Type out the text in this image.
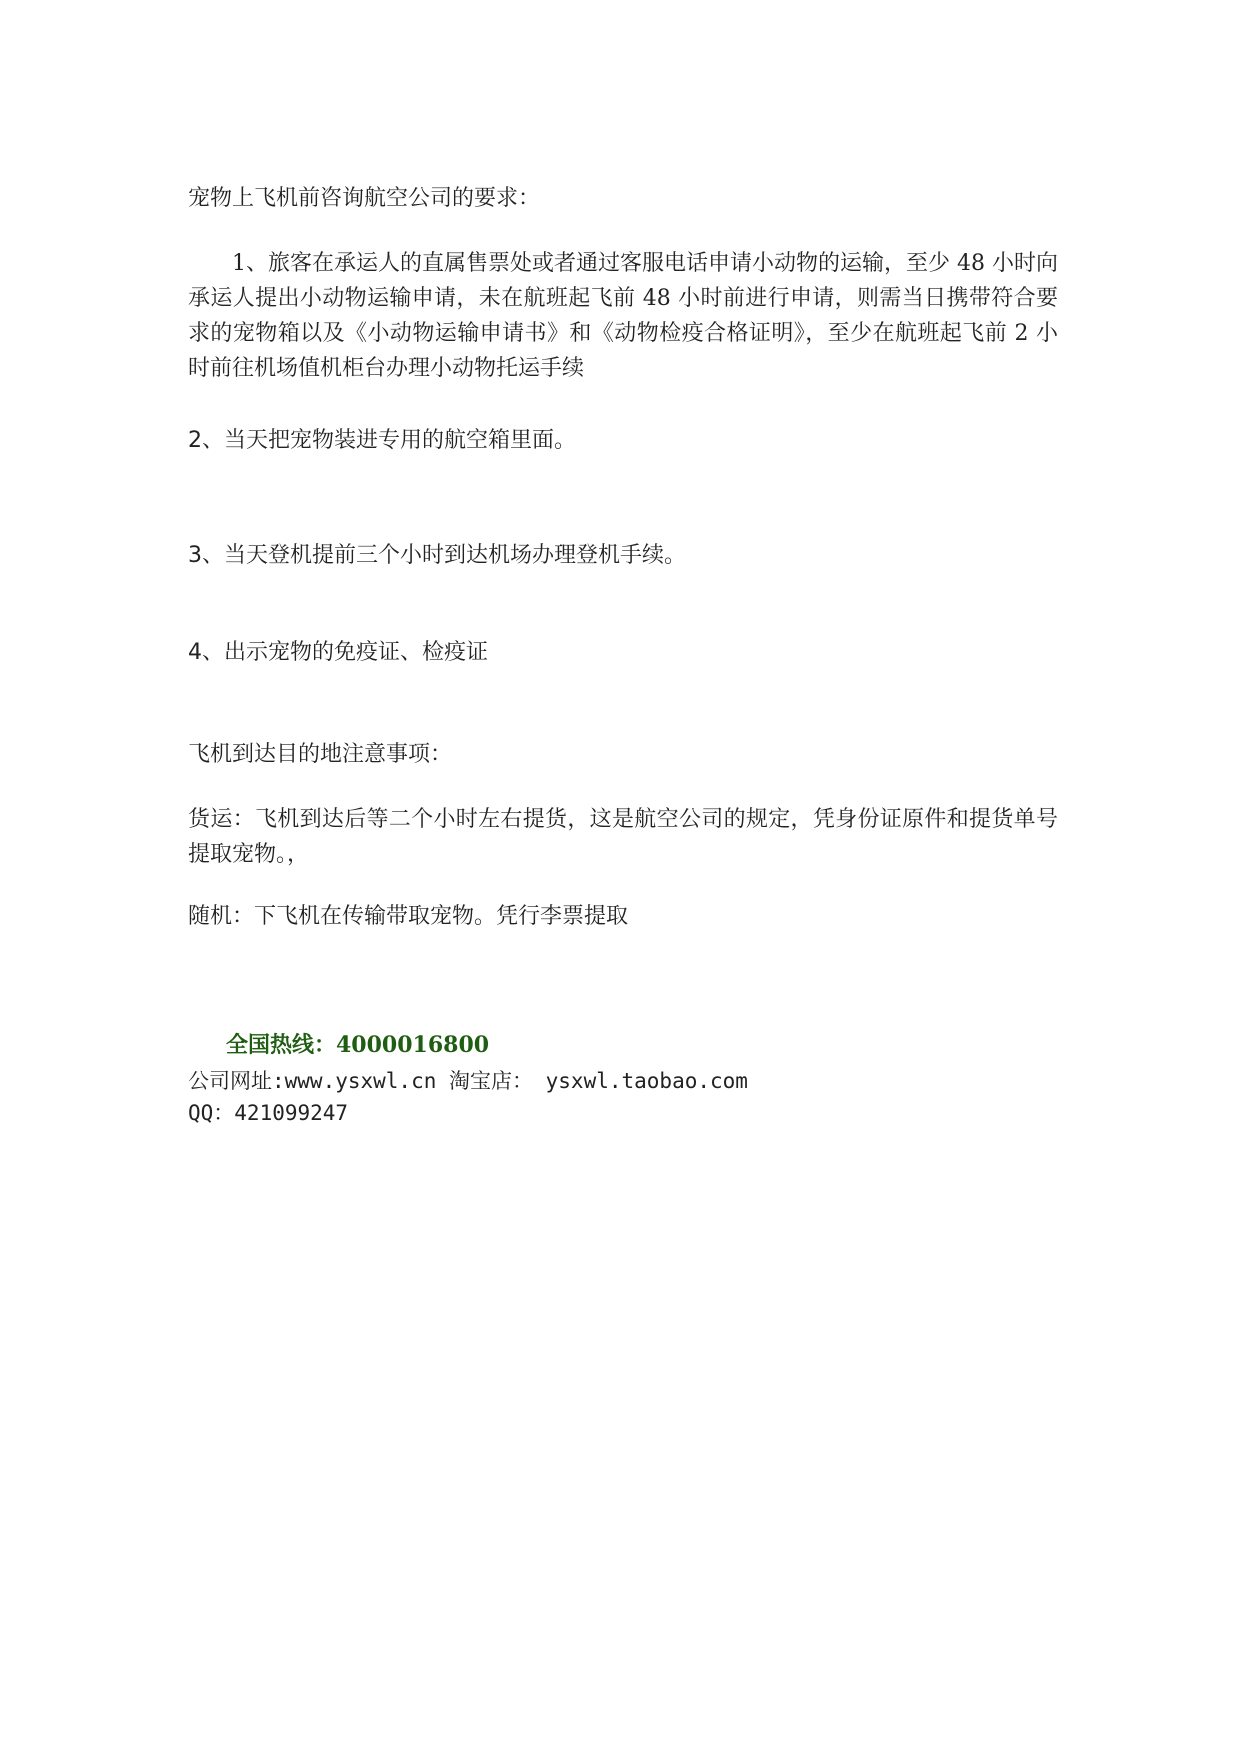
宠物上飞机前咨询航空公司的要求：
1、旅客在承运人的直属售票处或者通过客服电话申请小动物的运输，至少 48 小时向承运人提出小动物运输申请，未在航班起飞前 48 小时前进行申请，则需当日携带符合要求的宠物箱以及《小动物运输申请书》和《动物检疫合格证明》，至少在航班起飞前 2 小时前往机场值机柜台办理小动物托运手续
2、当天把宠物装进专用的航空箱里面。
3、当天登机提前三个小时到达机场办理登机手续。
4、出示宠物的免疫证、检疫证
飞机到达目的地注意事项：
货运：飞机到达后等二个小时左右提货，这是航空公司的规定，凭身份证原件和提货单号提取宠物。，
随机：下飞机在传输带取宠物。凭行李票提取
全国热线：4000016800
公司网址:www.ysxwl.cn 淘宝店： ysxwl.taobao.com
QQ：421099247
